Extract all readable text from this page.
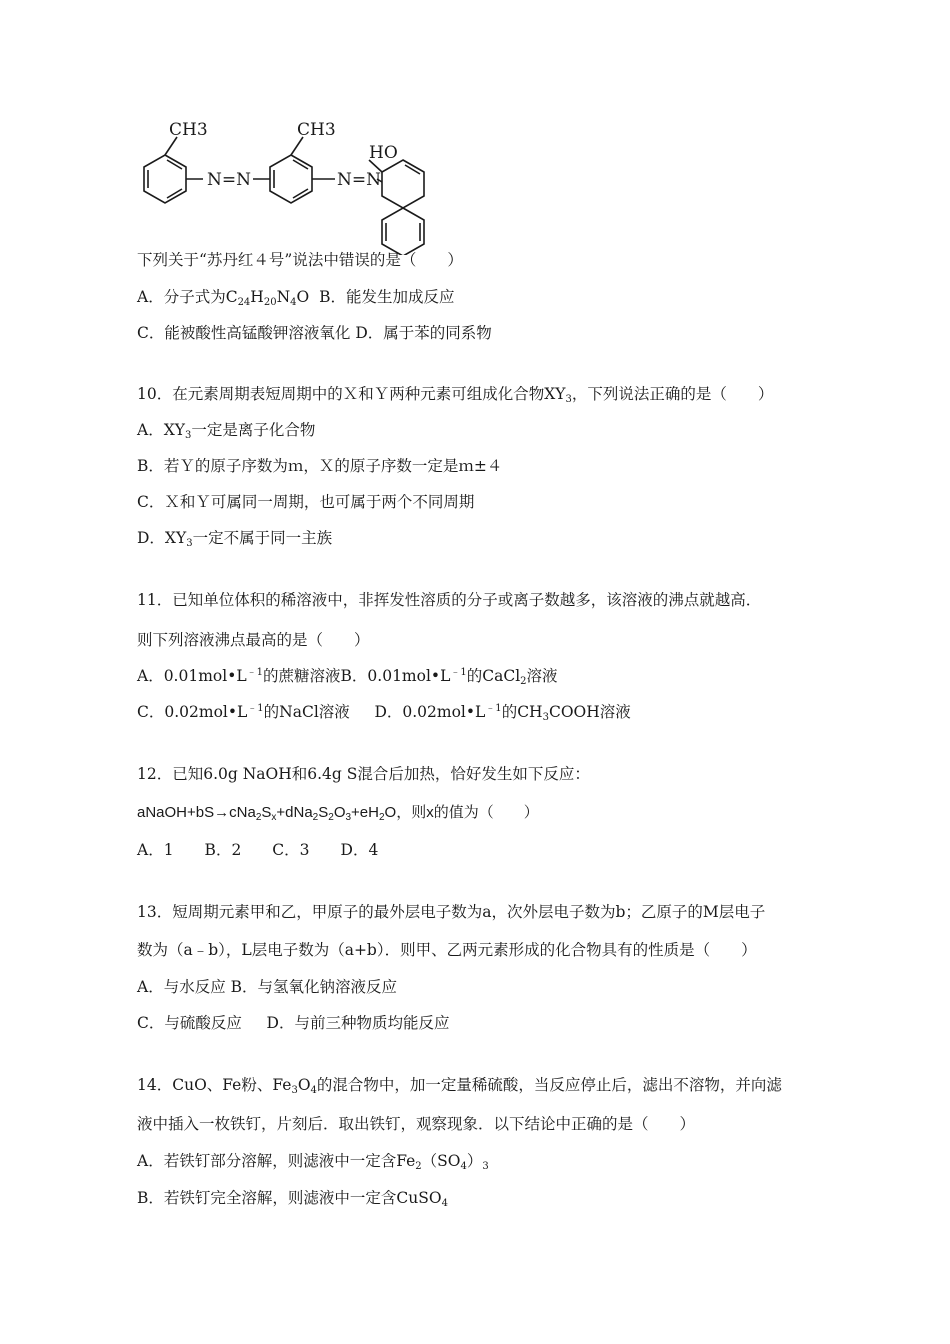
CH3	CH3
HO
N=N	N=N
下列关于“苏丹红４号”说法中错误的是（　　）
A．分子式为$C_{24}H_{20}N_4O$ B．能发生加成反应
C．能被酸性高锰酸钾溶液氧化 D．属于苯的同系物
10．在元素周期表短周期中的Ｘ和Ｙ两种元素可组成化合物$XY_3$，下列说法正确的是（　　）
A．$XY_3$一定是离子化合物
B．若Ｙ的原子序数为ｍ，Ｘ的原子序数一定是ｍ±４
C．Ｘ和Ｙ可属同一周期，也可属于两个不同周期
D．$XY_3$一定不属于同一主族
11．已知单位体积的稀溶液中，非挥发性溶质的分子或离子数越多，该溶液的沸点就越高．
则下列溶液沸点最高的是（　　）
A．$0.01mol•L^{﹣1}$的蔗糖溶液B．$0.01mol•L^{﹣1}$的CaCl$_2$溶液
C．$0.02mol•L^{﹣1}$的NaCl溶液 D．$0.02mol•L^{﹣1}$的$CH_3COOH$溶液
12．已知6.0g NaOH和6.4g S混合后加热，恰好发生如下反应：
$aNaOH+bS\to cNa_2S_x+dNa_2S_2O_3+eH_2O$，则x的值为（　　）
A．1　　B．2　　C．3　　D．4
13．短周期元素甲和乙，甲原子的最外层电子数为a，次外层电子数为b；乙原子的M层电子
数为（a﹣b），L层电子数为（a+b）．则甲、乙两元素形成的化合物具有的性质是（　　）
A．与水反应 B．与氢氧化钠溶液反应
C．与硫酸反应 D．与前三种物质均能反应
14．CuO、Fe粉、$Fe_3O_4$的混合物中，加一定量稀硫酸，当反应停止后，滤出不溶物，并向滤
液中插入一枚铁钉，片刻后．取出铁钉，观察现象．以下结论中正确的是（　　）
A．若铁钉部分溶解，则滤液中一定含$Fe_2(SO_4)_3$
B．若铁钉完全溶解，则滤液中一定含CuSO$_4$
